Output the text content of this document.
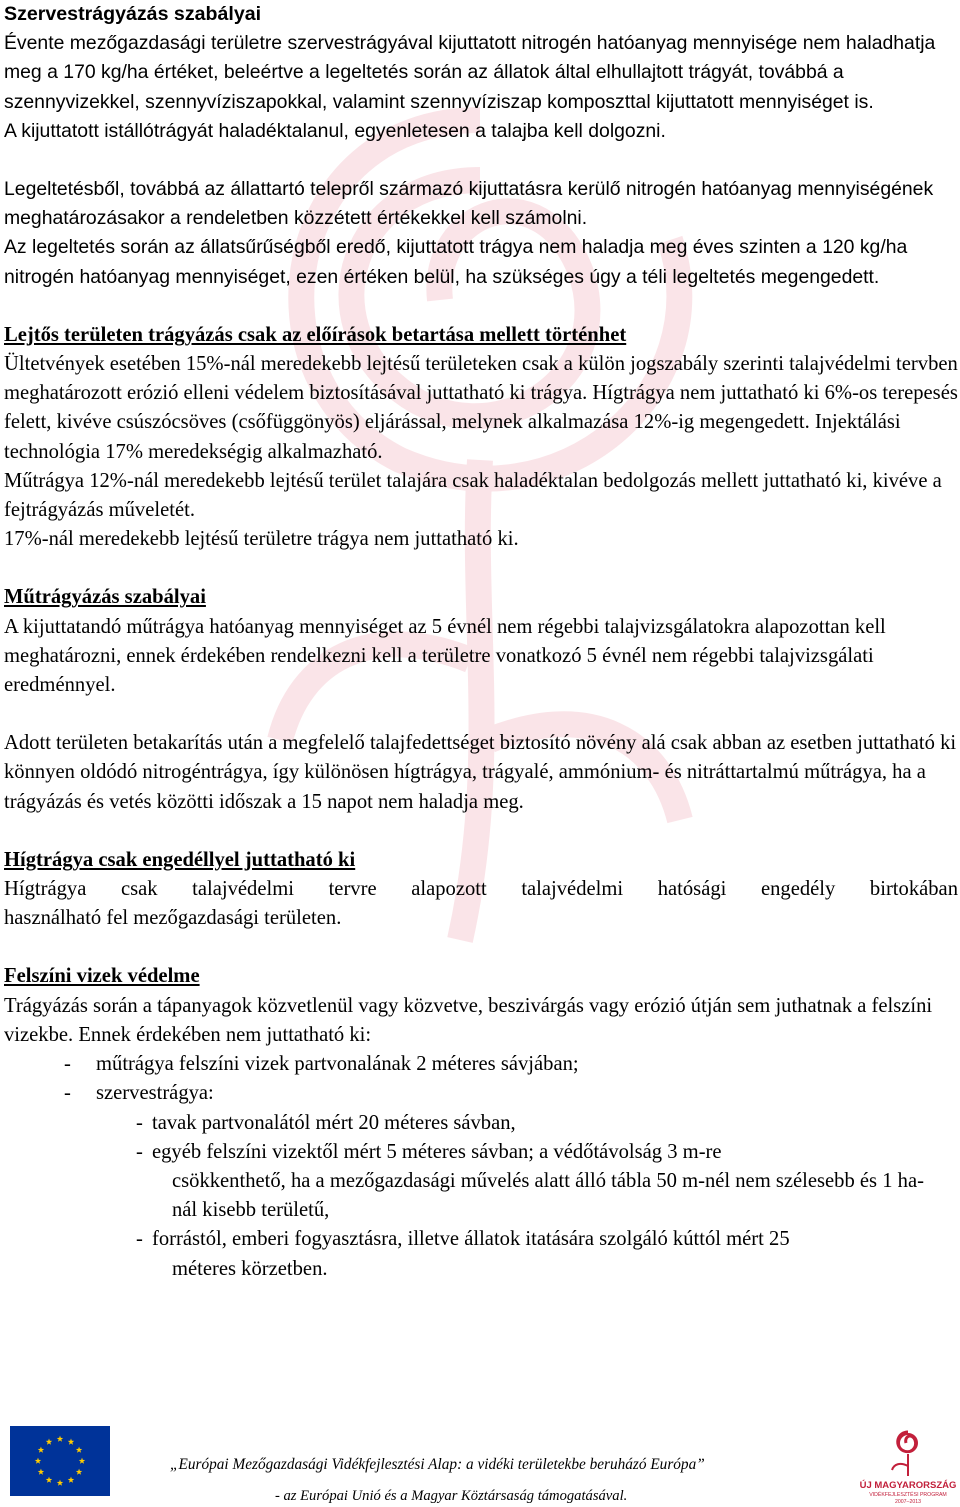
Szervestrágyázás szabályai

Évente mezőgazdasági területre szervestrágyával kijuttatott nitrogén hatóanyag mennyisége nem haladhatja meg a 170 kg/ha értéket, beleértve a legeltetés során az állatok által elhullajtott trágyát, továbbá a szennyvizekkel, szennyvíziszapokkal, valamint szennyvíziszap komposzttal kijuttatott mennyiséget is.

A kijuttatott istállótrágyát haladéktalanul, egyenletesen a talajba kell dolgozni.

Legeltetésből, továbbá az állattartó telepről származó kijuttatásra kerülő nitrogén hatóanyag mennyiségének meghatározásakor a rendeletben közzétett értékekkel kell számolni.

Az legeltetés során az állatsűrűségből eredő, kijuttatott trágya nem haladja meg éves szinten a 120 kg/ha nitrogén hatóanyag mennyiséget, ezen értéken belül, ha szükséges úgy a téli legeltetés megengedett.

Lejtős területen trágyázás csak az előírások betartása mellett történhet

Ültetvények esetében 15%-nál meredekebb lejtésű területeken csak a külön jogszabály szerinti talajvédelmi tervben meghatározott erózió elleni védelem biztosításával juttatható ki trágya. Hígtrágya nem juttatható ki 6%-os terepesés felett, kivéve csúszócsöves (csőfüggönyös) eljárással, melynek alkalmazása 12%-ig megengedett. Injektálási technológia 17% meredekségig alkalmazható.

Műtrágya 12%-nál meredekebb lejtésű terület talajára csak haladéktalan bedolgozás mellett juttatható ki, kivéve a fejtrágyázás műveletét.

17%-nál meredekebb lejtésű területre trágya nem juttatható ki.

Műtrágyázás szabályai

A kijuttatandó műtrágya hatóanyag mennyiséget az 5 évnél nem régebbi talajvizsgálatokra alapozottan kell meghatározni, ennek érdekében rendelkezni kell a területre vonatkozó 5 évnél nem régebbi talajvizsgálati eredménnyel.

Adott területen betakarítás után a megfelelő talajfedettséget biztosító növény alá csak abban az esetben juttatható ki könnyen oldódó nitrogéntrágya, így különösen hígtrágya, trágyalé, ammónium- és nitráttartalmú műtrágya, ha a trágyázás és vetés közötti időszak a 15 napot nem haladja meg.

Hígtrágya csak engedéllyel juttatható ki

Hígtrágya csak talajvédelmi tervre alapozott talajvédelmi hatósági engedély birtokában

használható fel mezőgazdasági területen.

Felszíni vizek védelme

Trágyázás során a tápanyagok közvetlenül vagy közvetve, beszivárgás vagy erózió útján sem juthatnak a felszíni vizekbe. Ennek érdekében nem juttatható ki:

-	műtrágya felszíni vizek partvonalának 2 méteres sávjában;
-	szervestrágya:
- tavak partvonalától mért 20 méteres sávban,
- egyéb felszíni vizektől mért 5 méteres sávban; a védőtávolság 3 m-re
csökkenthető, ha a mezőgazdasági művelés alatt álló tábla 50 m-nél nem szélesebb és 1 ha-nál kisebb területű,
- forrástól, emberi fogyasztásra, illetve állatok itatására szolgáló kúttól mért 25
méteres körzetben.
„Európai Mezőgazdasági Vidékfejlesztési Alap: a vidéki területekbe beruházó Európa”
- az Európai Unió és a Magyar Köztársaság támogatásával.
ÚJ MAGYARORSZÁG
VIDÉKFEJLESZTÉSI PROGRAM
2007–2013
